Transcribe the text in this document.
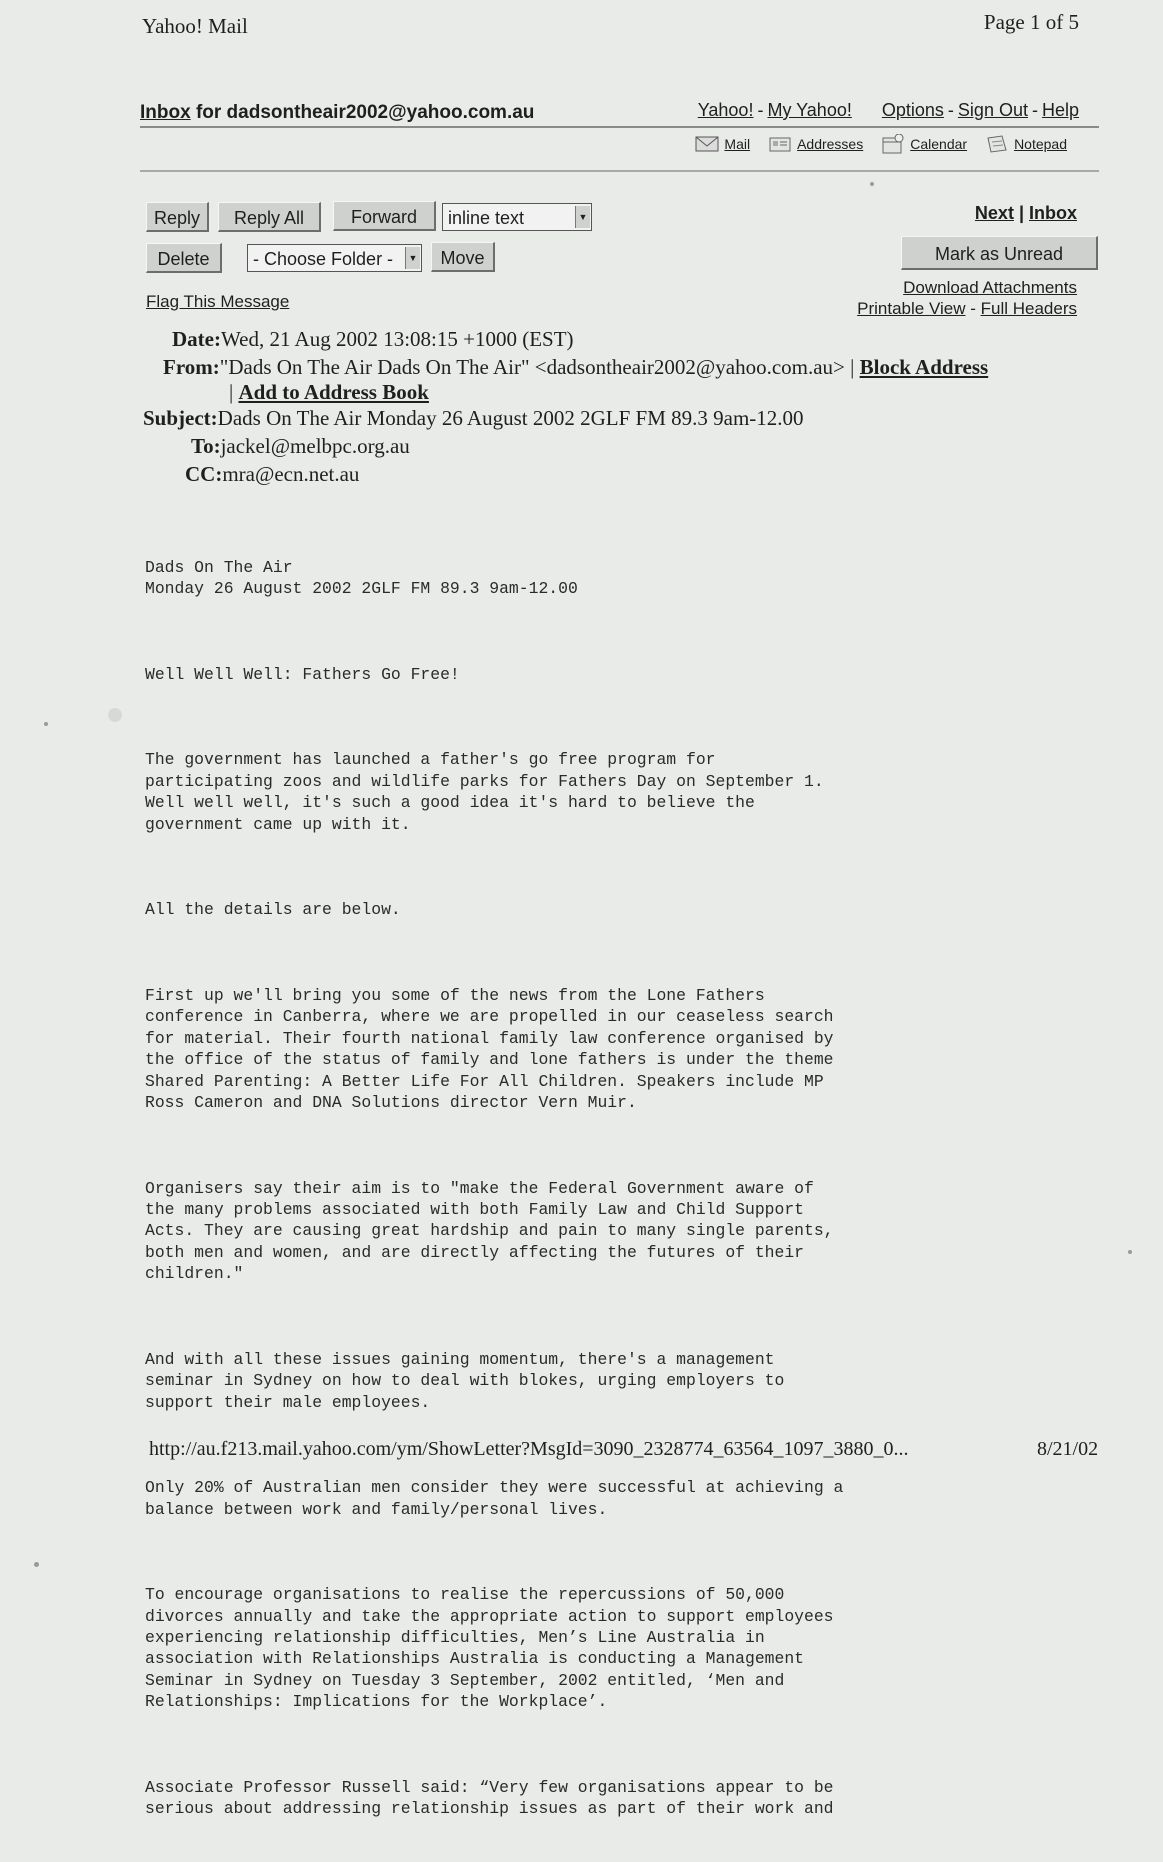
Yahoo! Mail	Page 1 of 5
Inbox for dadsontheair2002@yahoo.com.au	Yahoo! - My Yahoo! Options - Sign Out - Help
Mail	Addresses	Calendar	Notepad
Reply	Reply All	Forward	inline text	▼
Delete	- Choose Folder -	▼	Move
Next | Inbox
Mark as Unread
Download Attachments
Printable View - Full Headers
Flag This Message
Date:Wed, 21 Aug 2002 13:08:15 +1000 (EST)
From:"Dads On The Air Dads On The Air" <dadsontheair2002@yahoo.com.au> | Block Address
| Add to Address Book
Subject:Dads On The Air Monday 26 August 2002 2GLF FM 89.3 9am-12.00
To:jackel@melbpc.org.au
CC:mra@ecn.net.au

Dads On The Air
Monday 26 August 2002 2GLF FM 89.3 9am-12.00

Well Well Well: Fathers Go Free!

The government has launched a father's go free program for
participating zoos and wildlife parks for Fathers Day on September 1.
Well well well, it's such a good idea it's hard to believe the
government came up with it.

All the details are below.

First up we'll bring you some of the news from the Lone Fathers
conference in Canberra, where we are propelled in our ceaseless search
for material. Their fourth national family law conference organised by
the office of the status of family and lone fathers is under the theme
Shared Parenting: A Better Life For All Children. Speakers include MP
Ross Cameron and DNA Solutions director Vern Muir.

Organisers say their aim is to "make the Federal Government aware of
the many problems associated with both Family Law and Child Support
Acts. They are causing great hardship and pain to many single parents,
both men and women, and are directly affecting the futures of their
children."

And with all these issues gaining momentum, there's a management
seminar in Sydney on how to deal with blokes, urging employers to
support their male employees.

Only 20% of Australian men consider they were successful at achieving a
balance between work and family/personal lives.

To encourage organisations to realise the repercussions of 50,000
divorces annually and take the appropriate action to support employees
experiencing relationship difficulties, Men’s Line Australia in
association with Relationships Australia is conducting a Management
Seminar in Sydney on Tuesday 3 September, 2002 entitled, ‘Men and
Relationships: Implications for the Workplace’.

Associate Professor Russell said: “Very few organisations appear to be
serious about addressing relationship issues as part of their work and

http://au.f213.mail.yahoo.com/ym/ShowLetter?MsgId=3090_2328774_63564_1097_3880_0...	8/21/02
